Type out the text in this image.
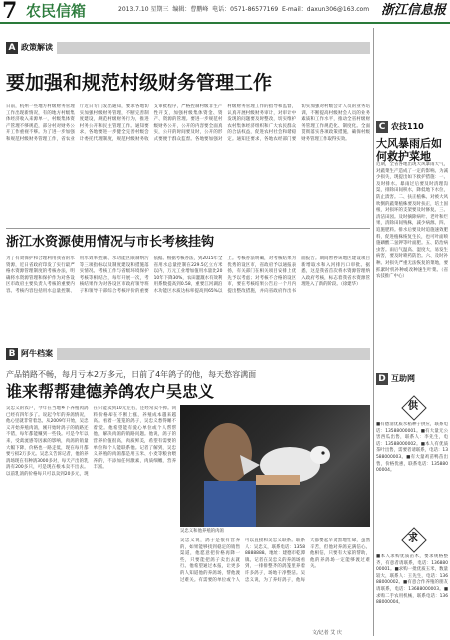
7 农民信箱	2013.7.10 星期三 编辑：曹鹏峰 电话：0571-86577169 E-mail：daxun306@163.com 浙江信息报
A 政策解读
要加强和规范村级财务管理工作
日前，杭州一些地方村级财务管理工作出现新情况，有的地方村级集体经济收入来源单一，村级集体资产管理不够规范，部分村对财务公开工作重视不够。为了进一步加强和规范村级财务管理工作，省农业厅近日专门发出通知，要求各地切实加强村级财务管理，不断完善制度建设，规范村级财务行为，推进村务公开和民主管理工作。通知要求，各地要进一步健全完善村级会计委托代理制度，规范村级财务收支审批程序，严格控制村级非生产性开支，加强村级集体资金、资产、资源的管理。要进一步规范村级财务公开，公开的内容要全面真实，公开的时间要及时，公开的形式要便于群众监督。各地要加强对村级财务管理工作的指导和监督，认真开展村级财务审计，对审计中发现的问题要及时整改，切实维护农村集体经济组织和广大农民群众的合法权益，促进农村社会和谐稳定。通知还要求，各地农经部门要切实加强对村级会计人员的业务培训，不断提高村级财会人员的业务素质和工作水平，推动全省村级财务管理工作规范化、制度化。全面贯彻落实各项政策措施，确保村级财务管理工作取得实效。
浙江水资源使用情况与市长考核挂钩
为了有效保护和合理利用我省的水资源，近日省政府印发了实行最严格水资源管理制度的考核办法，明确将水资源管理和保护作为对各设区市政府主要负责人考核的重要内容。考核内容包括用水总量控制、用水效率控制、水功能区限制纳污等三项指标以及制度建设和措施落实情况。考核工作与省级环境保护考核等相结合，每年开展一次，考核结果作为对各设区市政府领导班子和领导干部综合考核评价的重要依据。根据考核办法，到2015年全省用水总量控制在229.5亿立方米以内，万元工业增加值用水量比2010年下降30%，农田灌溉水有效利用系数提高到0.58，重要江河湖泊水功能区水质达标率提高到65%以上。考核办法明确，对考核结果为优秀的设区市，省政府予以通报表扬，有关部门在相关项目安排上优先予以考虑；对考核不合格的设区市，要在考核结果公告后一个月内提出整改措施，并向省政府作出书面报告。期间暂停该地区建设项目新增取水和入河排污口审批。据悉，这是我省首次将水资源管理纳入政府考核，标志着我省水资源管理进入了新的阶段。（徐建华）
B 阿牛档案
产品销路不畅，每月亏本2万多元，日前了4年鸽子的他，每天愁容满面
谁来帮帮建德养鸽农户吴忠义
吴忠义的农户，今年在当地乡下养殖肉鸽已经有四年多了。说起今年的养鸽情况，他心里就非常着急。从2009年开始，吴忠义开始养殖肉鸽，刚开始时鸽子的销路还不错，每年都能赚到一些钱。可是今年以来，受禽流感等因素的影响，肉鸽的销量大幅下降，价格也一路走低，现在每月都要亏损2万多元。吴忠义告诉记者，他的养鸽场现在有种鸽3000多对，每天产出的乳鸽有200多只，可是现在根本卖不出去。以前乳鸽的价格每只可以卖到20多元，现在只能卖到10元左右，还经常卖不掉。饲料价格却在不断上涨，养殖成本越来越高。看着一笼笼的鸽子，吴忠义愁得睡不着觉。他希望能有爱心单位或个人帮帮他，解决肉鸽的销路问题。他说，鸽子的营养价值很高，肉质鲜美，希望有需要的单位和个人能联系他。记者了解到，吴忠义养殖的肉鸽都是用玉米、小麦等粮食喂养的，不添加任何激素，肉质细嫩，营养丰富。
吴忠义和他养殖的肉鸽
吴忠义说，鸽子是很有营养的，如果能够找到稳定的销售渠道，他愿意把价格再降一些，只要能把鸽子卖出去就行。他希望通过本报，让更多的人知道他的养鸽场，帮他渡过难关。有需要的单位或个人可以直接和吴忠义联系。联系人：吴忠义，联系电话：13588888888。地址：建德市乾潭镇。记者在吴忠义的养鸽场看到，一排排整齐的鸽笼里养着许多鸽子，场地干净整洁。吴忠义说，为了养好鸽子，他每天都要起早贪黑地忙碌，虽然辛苦，但他对养鸽充满信心。他相信，只要有大家的帮助，他的养鸽场一定能够渡过难关。
文/记者 艾 庆
C 农技110
大风暴雨后如何救护菜地
近期，全省各地出现大风暴雨天气，对蔬菜生产造成了一定的影响。为减少损失，现提出如下救护措施：一、及时排水。暴雨过后要及时清理沟渠，排除田间积水，降低地下水位，防止渍害。二、扶正植株。对被大风吹倒的蔬菜植株要及时扶正，培土固根，对损坏的支架要及时修复。三、清洁田园。及时摘除病叶、老叶和烂果，清除田间残株，减少病源。四、追施肥料。排水后要及时追施速效肥料，促进植株恢复生长，也可叶面喷施磷酸二氢钾等叶面肥。五、防治病虫害。雨后气温高、湿度大，易发生病害，要及时喷药防治。六、及时补种。对损失严重无法恢复的菜地，要抓紧时机补种或改种速生叶菜。（省农技推广中心）
D 互助网
供
■有德清优质水稻种子供应，联系电话：13588000001。■有大量无公害西瓜出售，联系人：李先生，电话：13588000002。■本人有优质茶叶出售，需要者请联系，电话：13588000003。■有大量鸡苗鸭苗出售，价格优惠，联系电话：13588000004。
求
■本人求购优质苗木，要求规格整齐，有意者请联系，电话：13688000001。■求购一批优质玉米，数量较大，联系人：王先生，电话：13688000002。■有意合作养殖的朋友请联系，电话：13688000003。■求购二手农用机械，联系电话：13688000004。
